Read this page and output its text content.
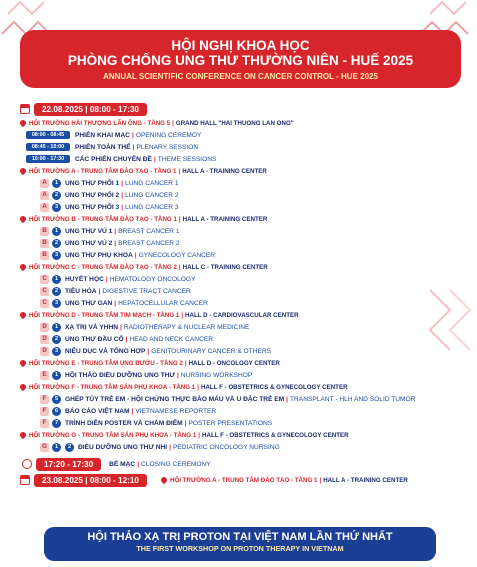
HỘI NGHỊ KHOA HỌC
PHÒNG CHỐNG UNG THƯ THƯỜNG NIÊN - HUẾ 2025
ANNUAL SCIENTIFIC CONFERENCE ON CANCER CONTROL - HUE 2025
22.08.2025 | 08:00 - 17:30
HỘI TRƯỜNG HẢI THƯỢNG LÃN ÔNG - TẦNG 5 | GRAND HALL "HAI THUONG LAN ONG"
08:00 - 08:45	PHIÊN KHAI MẠC | OPENING CEREMOY
08:45 - 10:00	PHIÊN TOÀN THỂ | PLENARY SESSION
10:00 - 17:30	CÁC PHIÊN CHUYÊN ĐỀ | THEME SESSIONS
HỘI TRƯỜNG A - TRUNG TÂM ĐÀO TẠO - TẦNG 1 | HALL A - TRAINING CENTER
A	1	UNG THƯ PHỔI 1 | LUNG CANCER 1
A	2	UNG THƯ PHỔI 2 | LUNG CANCER 2
A	3	UNG THƯ PHỔI 3 | LUNG CANCER 3
HỘI TRƯỜNG B - TRUNG TÂM ĐÀO TẠO - TẦNG 1 | HALL A - TRAINING CENTER
B	1	UNG THƯ VÚ 1 | BREAST CANCER 1
B	2	UNG THƯ VÚ 2 | BREAST CANCER 2
B	3	UNG THƯ PHỤ KHOA | GYNECOLOGY CANCER
HỘI TRƯỜNG C - TRUNG TÂM ĐÀO TẠO - TẦNG 2 | HALL C - TRAINING CENTER
C	1	HUYẾT HỌC | HEMATOLOGY ONCOLOGY
C	2	TIÊU HÓA | DIGESTIVE TRACT CANCER
C	3	UNG THƯ GAN | HEPATOCELLULAR CANCER
HỘI TRƯỜNG D - TRUNG TÂM TIM MẠCH - TẦNG 1 | HALL D - CARDIOVASCULAR CENTER
D	1	XẠ TRỊ VÀ YHHN | RADIOTHERAPY & NUCLEAR MEDICINE
D	2	UNG THƯ ĐẦU CỔ | HEAD AND NECK CANCER
D	3	NIỆU DỤC VÀ TỔNG HỢP | GENITOURINARY CANCER & OTHERS
HỘI TRƯỜNG E - TRUNG TÂM UNG BƯỚU - TẦNG 2 | HALL D - ONCOLOGY CENTER
E	1	HỘI THẢO ĐIỀU DƯỠNG UNG THƯ | NURSING WORKSHOP
HỘI TRƯỜNG F - TRUNG TÂM SẢN PHỤ KHOA - TẦNG 1 | HALL F - OBSTETRICS & GYNECOLOGY CENTER
F	5	GHÉP TỦY TRẺ EM - HỘI CHỨNG THỰC BÀO MÁU VÀ U ĐẶC TRẺ EM | TRANSPLANT - HLH AND SOLID TUMOR
F	6	BÁO CÁO VIỆT NAM | VIETNAMESE REPORTER
F	7	TRÌNH DIỄN POSTER VÀ CHẤM ĐIỂM | POSTER PRESENTATIONS
HỘI TRƯỜNG G - TRUNG TÂM SẢN PHỤ KHOA - TẦNG 1 | HALL F - OBSTETRICS & GYNECOLOGY CENTER
G	1	2	ĐIỀU DƯỠNG UNG THƯ NHI | PEDIATRIC ONCOLOGY NURSING
17:20 - 17:30	BẾ MẠC | CLOSING CEREMONY
23.08.2025 | 08:00 - 12:10	HỘI TRƯỜNG A - TRUNG TÂM ĐÀO TẠO - TẦNG 1 | HALL A - TRAINING CENTER
HỘI THẢO XẠ TRỊ PROTON TẠI VIỆT NAM LẦN THỨ NHẤT
THE FIRST WORKSHOP ON PROTON THERAPY IN VIETNAM
